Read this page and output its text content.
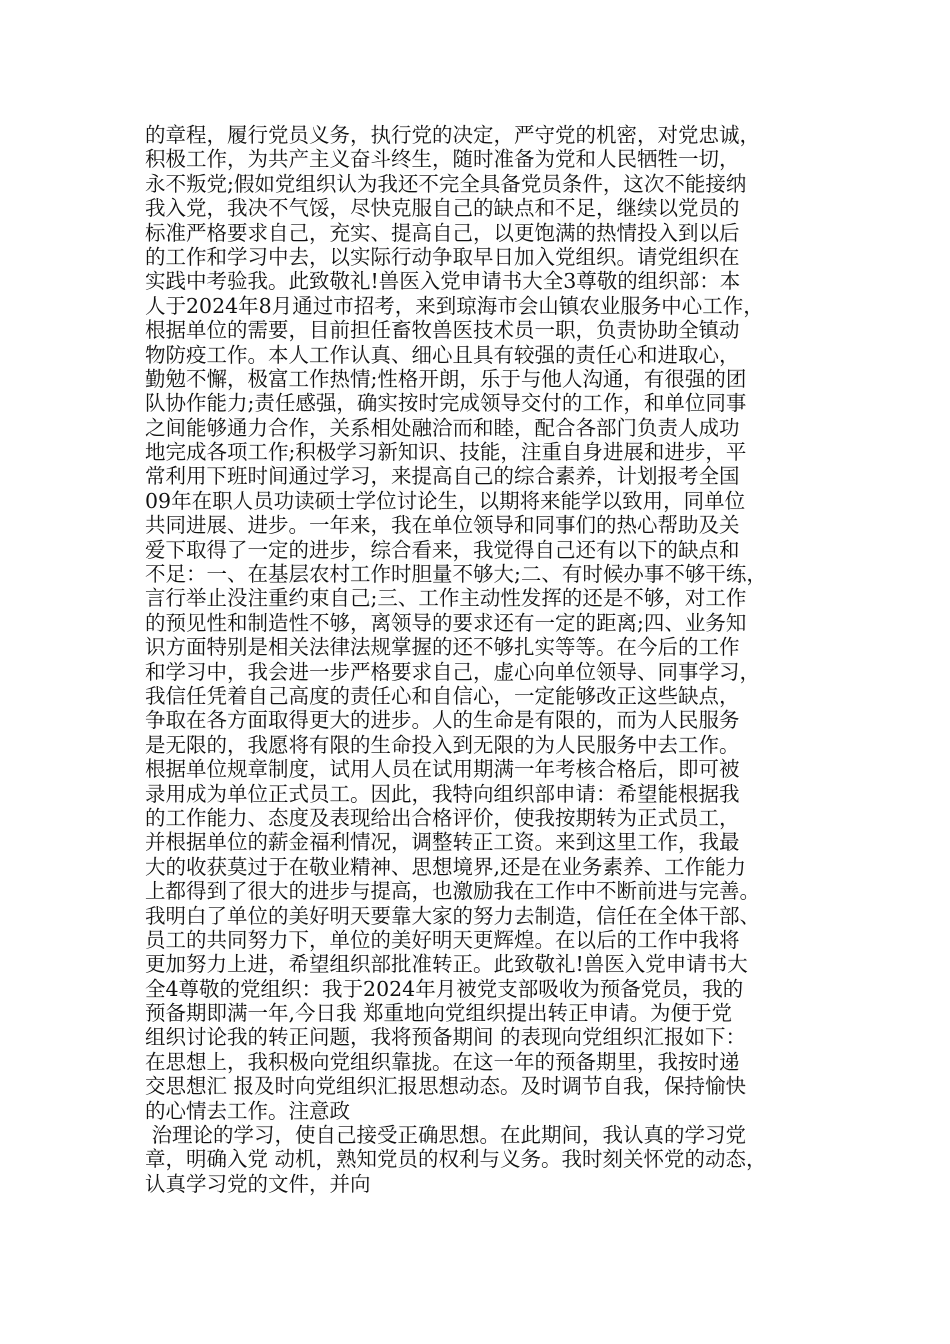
的章程，履行党员义务，执行党的决定，严守党的机密，对党忠诚，
积极工作，为共产主义奋斗终生，随时准备为党和人民牺牲一切，
永不叛党;假如党组织认为我还不完全具备党员条件，这次不能接纳
我入党，我决不气馁，尽快克服自己的缺点和不足，继续以党员的
标准严格要求自己，充实、提高自己，以更饱满的热情投入到以后
的工作和学习中去，以实际行动争取早日加入党组织。请党组织在
实践中考验我。此致敬礼!兽医入党申请书大全3尊敬的组织部：本
人于2024年8月通过市招考，来到琼海市会山镇农业服务中心工作，
根据单位的需要，目前担任畜牧兽医技术员一职，负责协助全镇动
物防疫工作。本人工作认真、细心且具有较强的责任心和进取心，
勤勉不懈，极富工作热情;性格开朗，乐于与他人沟通，有很强的团
队协作能力;责任感强，确实按时完成领导交付的工作，和单位同事
之间能够通力合作，关系相处融洽而和睦，配合各部门负责人成功
地完成各项工作;积极学习新知识、技能，注重自身进展和进步，平
常利用下班时间通过学习，来提高自己的综合素养，计划报考全国
09年在职人员功读硕士学位讨论生，以期将来能学以致用，同单位
共同进展、进步。一年来，我在单位领导和同事们的热心帮助及关
爱下取得了一定的进步，综合看来，我觉得自己还有以下的缺点和
不足：一、在基层农村工作时胆量不够大;二、有时候办事不够干练，
言行举止没注重约束自己;三、工作主动性发挥的还是不够，对工作
的预见性和制造性不够，离领导的要求还有一定的距离;四、业务知
识方面特别是相关法律法规掌握的还不够扎实等等。在今后的工作
和学习中，我会进一步严格要求自己，虚心向单位领导、同事学习，
我信任凭着自己高度的责任心和自信心，一定能够改正这些缺点，
争取在各方面取得更大的进步。人的生命是有限的，而为人民服务
是无限的，我愿将有限的生命投入到无限的为人民服务中去工作。
根据单位规章制度，试用人员在试用期满一年考核合格后，即可被
录用成为单位正式员工。因此，我特向组织部申请：希望能根据我
的工作能力、态度及表现给出合格评价，使我按期转为正式员工，
并根据单位的薪金福利情况，调整转正工资。来到这里工作，我最
大的收获莫过于在敬业精神、思想境界,还是在业务素养、工作能力
上都得到了很大的进步与提高，也激励我在工作中不断前进与完善。
我明白了单位的美好明天要靠大家的努力去制造，信任在全体干部、
员工的共同努力下，单位的美好明天更辉煌。在以后的工作中我将
更加努力上进，希望组织部批准转正。此致敬礼!兽医入党申请书大
全4尊敬的党组织：我于2024年月被党支部吸收为预备党员，我的
预备期即满一年,今日我 郑重地向党组织提出转正申请。为便于党
组织讨论我的转正问题，我将预备期间 的表现向党组织汇报如下：
在思想上，我积极向党组织靠拢。在这一年的预备期里，我按时递
交思想汇 报及时向党组织汇报思想动态。及时调节自我，保持愉快
的心情去工作。注意政
治理论的学习，使自己接受正确思想。在此期间，我认真的学习党
章，明确入党 动机，熟知党员的权利与义务。我时刻关怀党的动态，
认真学习党的文件，并向
